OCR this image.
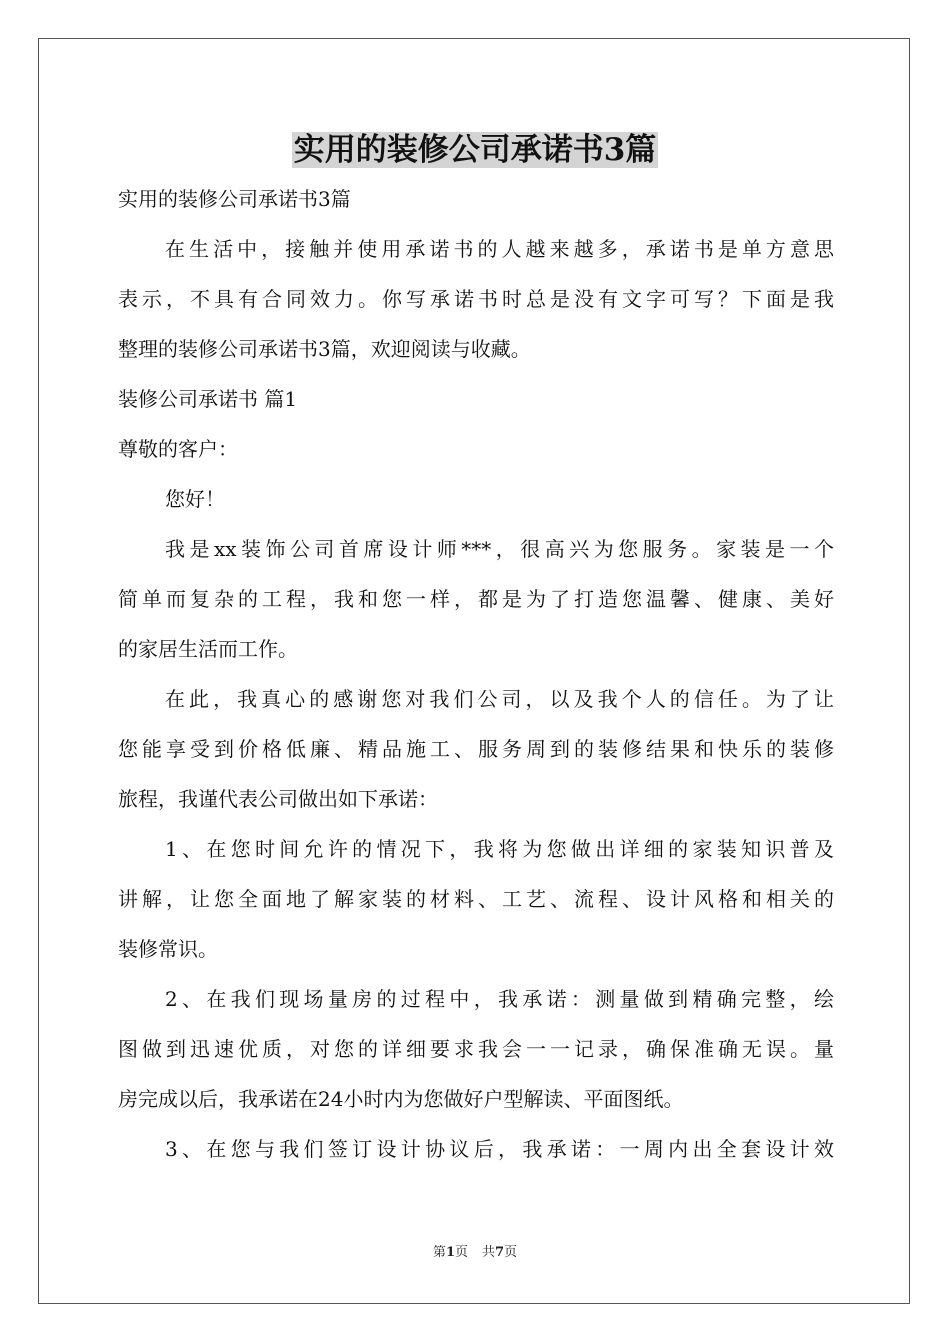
实用的装修公司承诺书3篇

实用的装修公司承诺书3篇

在生活中，接触并使用承诺书的人越来越多，承诺书是单方意思

表示，不具有合同效力。你写承诺书时总是没有文字可写？下面是我

整理的装修公司承诺书3篇，欢迎阅读与收藏。

装修公司承诺书 篇1

尊敬的客户：

您好！

我是xx装饰公司首席设计师***，很高兴为您服务。家装是一个

简单而复杂的工程，我和您一样，都是为了打造您温馨、健康、美好

的家居生活而工作。

在此，我真心的感谢您对我们公司，以及我个人的信任。为了让

您能享受到价格低廉、精品施工、服务周到的装修结果和快乐的装修

旅程，我谨代表公司做出如下承诺：

1、在您时间允许的情况下，我将为您做出详细的家装知识普及

讲解，让您全面地了解家装的材料、工艺、流程、设计风格和相关的

装修常识。

2、在我们现场量房的过程中，我承诺：测量做到精确完整，绘

图做到迅速优质，对您的详细要求我会一一记录，确保准确无误。量

房完成以后，我承诺在24小时内为您做好户型解读、平面图纸。

3、在您与我们签订设计协议后，我承诺：一周内出全套设计效

第1页 共7页
